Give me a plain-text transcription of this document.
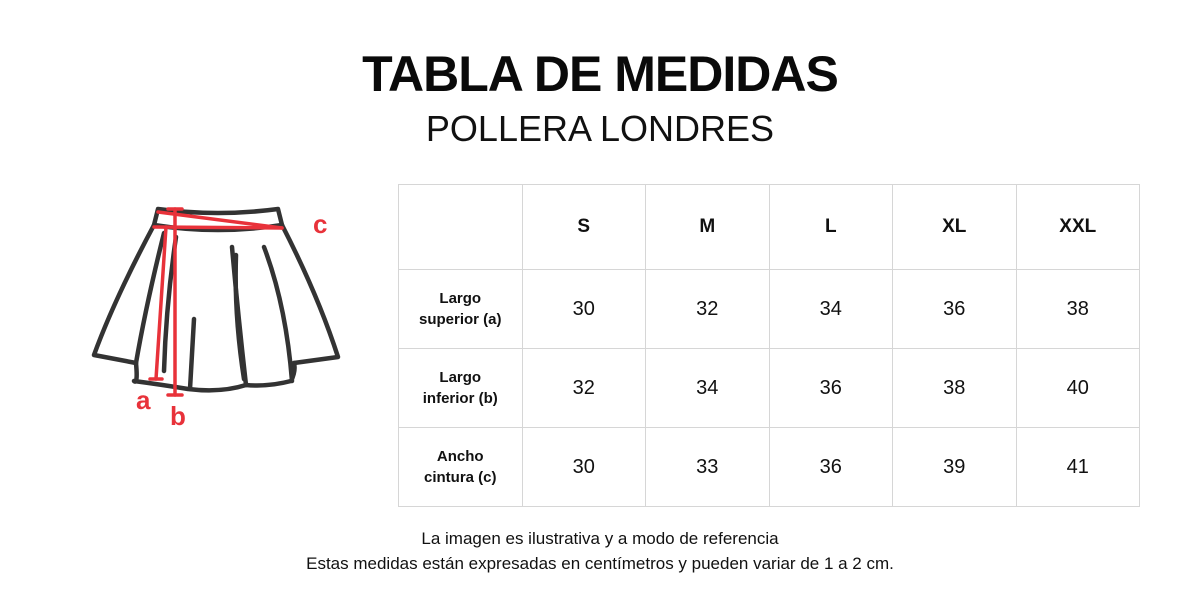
TABLA DE MEDIDAS
POLLERA LONDRES
a
b
c
		S	M	L	XL	XXL

Largo
superior (a)	30	32	34	36	38

Largo
inferior (b)	32	34	36	38	40

Ancho
cintura (c)	30	33	36	39	41
La imagen es ilustrativa y a modo de referencia
Estas medidas están expresadas en centímetros y pueden variar de 1 a 2 cm.
